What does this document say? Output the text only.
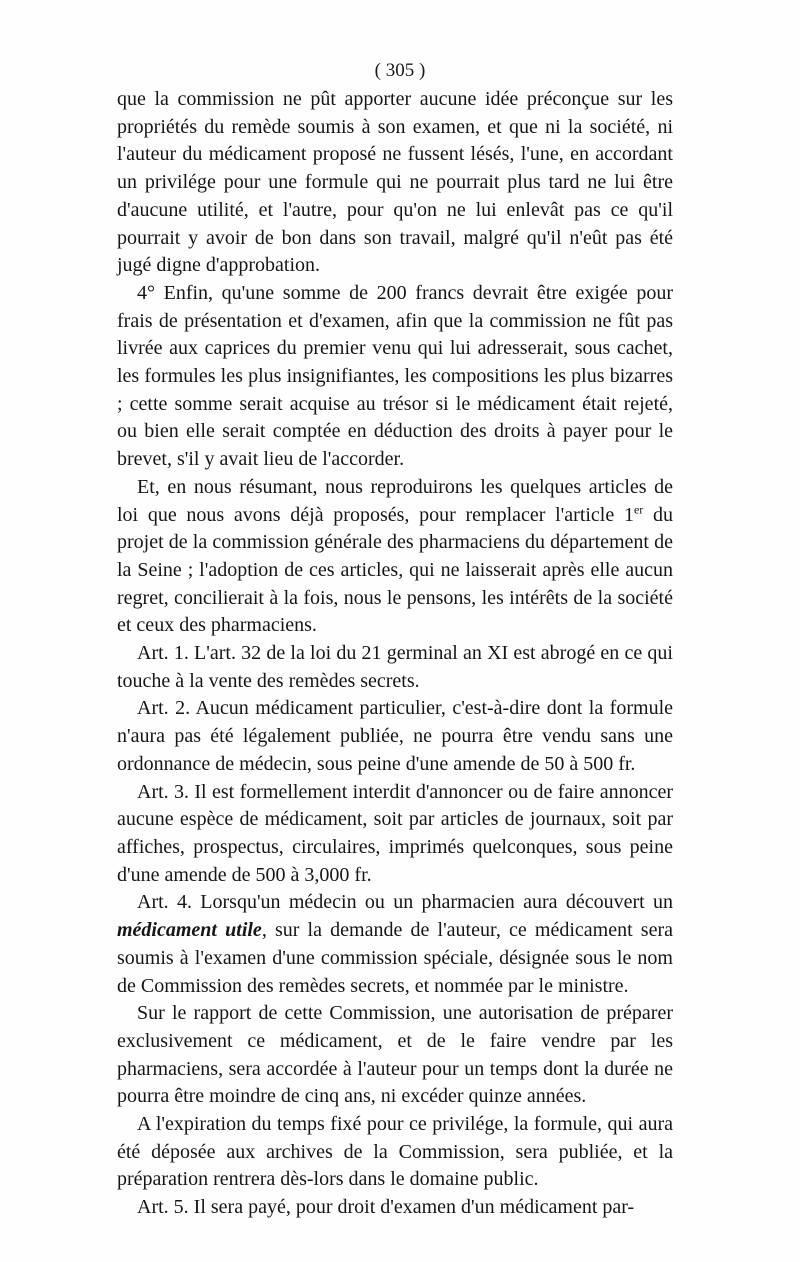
( 305 )

que la commission ne pût apporter aucune idée préconçue sur les propriétés du remède soumis à son examen, et que ni la société, ni l'auteur du médicament proposé ne fussent lésés, l'une, en accordant un privilége pour une formule qui ne pourrait plus tard ne lui être d'aucune utilité, et l'autre, pour qu'on ne lui enlevât pas ce qu'il pourrait y avoir de bon dans son travail, malgré qu'il n'eût pas été jugé digne d'approbation.

4° Enfin, qu'une somme de 200 francs devrait être exigée pour frais de présentation et d'examen, afin que la commission ne fût pas livrée aux caprices du premier venu qui lui adresserait, sous cachet, les formules les plus insignifiantes, les compositions les plus bizarres ; cette somme serait acquise au trésor si le médicament était rejeté, ou bien elle serait comptée en déduction des droits à payer pour le brevet, s'il y avait lieu de l'accorder.

Et, en nous résumant, nous reproduirons les quelques articles de loi que nous avons déjà proposés, pour remplacer l'article 1er du projet de la commission générale des pharmaciens du département de la Seine ; l'adoption de ces articles, qui ne laisserait après elle aucun regret, concilierait à la fois, nous le pensons, les intérêts de la société et ceux des pharmaciens.

Art. 1. L'art. 32 de la loi du 21 germinal an XI est abrogé en ce qui touche à la vente des remèdes secrets.

Art. 2. Aucun médicament particulier, c'est-à-dire dont la formule n'aura pas été légalement publiée, ne pourra être vendu sans une ordonnance de médecin, sous peine d'une amende de 50 à 500 fr.

Art. 3. Il est formellement interdit d'annoncer ou de faire annoncer aucune espèce de médicament, soit par articles de journaux, soit par affiches, prospectus, circulaires, imprimés quelconques, sous peine d'une amende de 500 à 3,000 fr.

Art. 4. Lorsqu'un médecin ou un pharmacien aura découvert un médicament utile, sur la demande de l'auteur, ce médicament sera soumis à l'examen d'une commission spéciale, désignée sous le nom de Commission des remèdes secrets, et nommée par le ministre.

Sur le rapport de cette Commission, une autorisation de préparer exclusivement ce médicament, et de le faire vendre par les pharmaciens, sera accordée à l'auteur pour un temps dont la durée ne pourra être moindre de cinq ans, ni excéder quinze années.

A l'expiration du temps fixé pour ce privilége, la formule, qui aura été déposée aux archives de la Commission, sera publiée, et la préparation rentrera dès-lors dans le domaine public.

Art. 5. Il sera payé, pour droit d'examen d'un médicament par-
